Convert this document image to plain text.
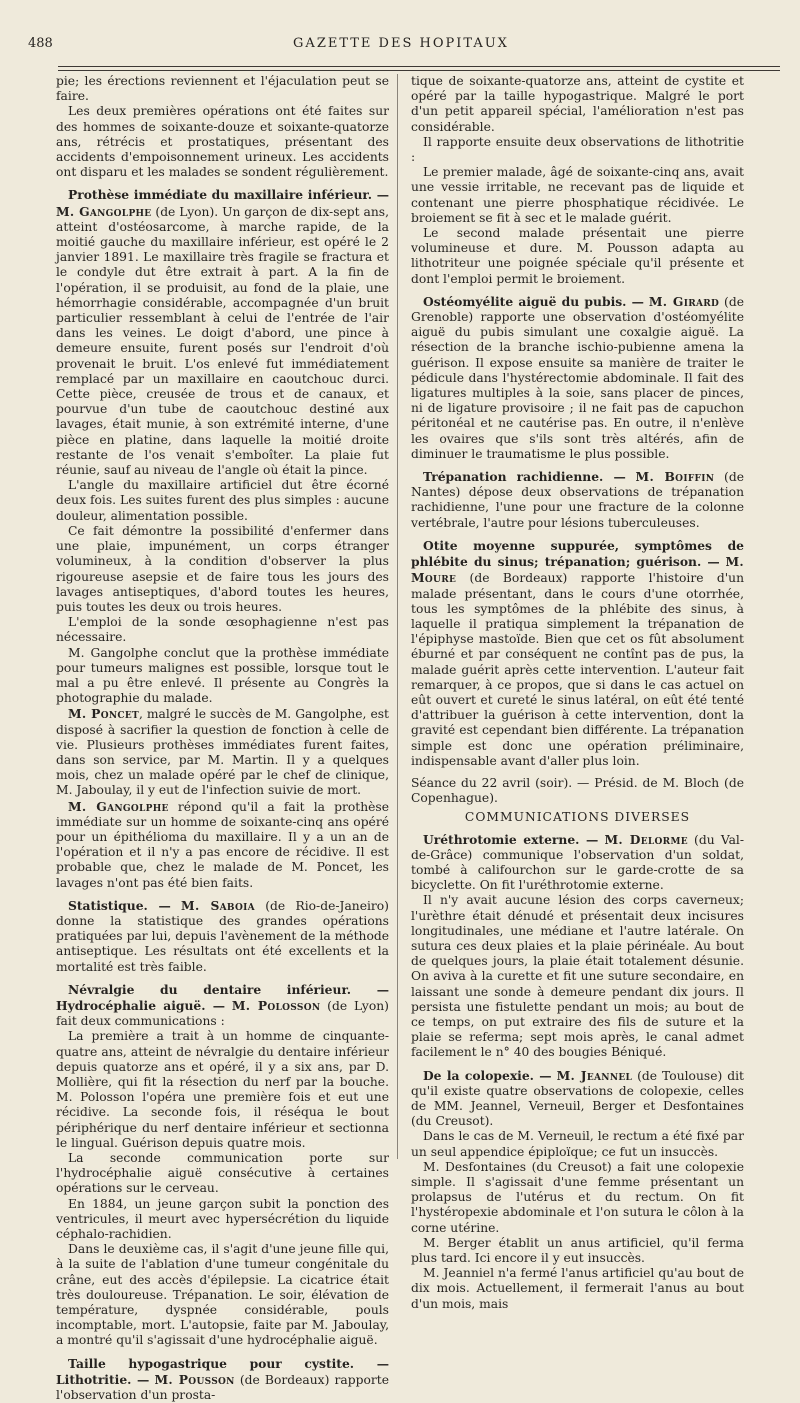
488	GAZETTE DES HOPITAUX

pie; les érections reviennent et l'éjaculation peut se faire.

Les deux premières opérations ont été faites sur des hommes de soixante-douze et soixante-quatorze ans, rétrécis et prostatiques, présentant des accidents d'empoisonnement urineux. Les accidents ont disparu et les malades se sondent régulièrement.

Prothèse immédiate du maxillaire inférieur. — M. Gangolphe (de Lyon). Un garçon de dix-sept ans, atteint d'ostéosarcome, à marche rapide, de la moitié gauche du maxillaire inférieur, est opéré le 2 janvier 1891. Le maxillaire très fragile se fractura et le condyle dut être extrait à part. A la fin de l'opération, il se produisit, au fond de la plaie, une hémorrhagie considérable, accompagnée d'un bruit particulier ressemblant à celui de l'entrée de l'air dans les veines. Le doigt d'abord, une pince à demeure ensuite, furent posés sur l'endroit d'où provenait le bruit. L'os enlevé fut immédiatement remplacé par un maxillaire en caoutchouc durci. Cette pièce, creusée de trous et de canaux, et pourvue d'un tube de caoutchouc destiné aux lavages, était munie, à son extrémité interne, d'une pièce en platine, dans laquelle la moitié droite restante de l'os venait s'emboîter. La plaie fut réunie, sauf au niveau de l'angle où était la pince.

L'angle du maxillaire artificiel dut être écorné deux fois. Les suites furent des plus simples : aucune douleur, alimentation possible.

Ce fait démontre la possibilité d'enfermer dans une plaie, impunément, un corps étranger volumineux, à la condition d'observer la plus rigoureuse asepsie et de faire tous les jours des lavages antiseptiques, d'abord toutes les heures, puis toutes les deux ou trois heures.

L'emploi de la sonde œsophagienne n'est pas nécessaire.

M. Gangolphe conclut que la prothèse immédiate pour tumeurs malignes est possible, lorsque tout le mal a pu être enlevé. Il présente au Congrès la photographie du malade.

M. Poncet, malgré le succès de M. Gangolphe, est disposé à sacrifier la question de fonction à celle de vie. Plusieurs prothèses immédiates furent faites, dans son service, par M. Martin. Il y a quelques mois, chez un malade opéré par le chef de clinique, M. Jaboulay, il y eut de l'infection suivie de mort.

M. Gangolphe répond qu'il a fait la prothèse immédiate sur un homme de soixante-cinq ans opéré pour un épithélioma du maxillaire. Il y a un an de l'opération et il n'y a pas encore de récidive. Il est probable que, chez le malade de M. Poncet, les lavages n'ont pas été bien faits.

Statistique. — M. Saboia (de Rio-de-Janeiro) donne la statistique des grandes opérations pratiquées par lui, depuis l'avènement de la méthode antiseptique. Les résultats ont été excellents et la mortalité est très faible.

Névralgie du dentaire inférieur. — Hydrocéphalie aiguë. — M. Polosson (de Lyon) fait deux communications :

La première a trait à un homme de cinquante-quatre ans, atteint de névralgie du dentaire inférieur depuis quatorze ans et opéré, il y a six ans, par D. Mollière, qui fit la résection du nerf par la bouche. M. Polosson l'opéra une première fois et eut une récidive. La seconde fois, il réséqua le bout périphérique du nerf dentaire inférieur et sectionna le lingual. Guérison depuis quatre mois.

La seconde communication porte sur l'hydrocéphalie aiguë consécutive à certaines opérations sur le cerveau.

En 1884, un jeune garçon subit la ponction des ventricules, il meurt avec hypersécrétion du liquide céphalo-rachidien.

Dans le deuxième cas, il s'agit d'une jeune fille qui, à la suite de l'ablation d'une tumeur congénitale du crâne, eut des accès d'épilepsie. La cicatrice était très douloureuse. Trépanation. Le soir, élévation de température, dyspnée considérable, pouls incomptable, mort. L'autopsie, faite par M. Jaboulay, a montré qu'il s'agissait d'une hydrocéphalie aiguë.

Taille hypogastrique pour cystite. — Lithotritie. — M. Pousson (de Bordeaux) rapporte l'observation d'un prosta-

tique de soixante-quatorze ans, atteint de cystite et opéré par la taille hypogastrique. Malgré le port d'un petit appareil spécial, l'amélioration n'est pas considérable.

Il rapporte ensuite deux observations de lithotritie :

Le premier malade, âgé de soixante-cinq ans, avait une vessie irritable, ne recevant pas de liquide et contenant une pierre phosphatique récidivée. Le broiement se fit à sec et le malade guérit.

Le second malade présentait une pierre volumineuse et dure. M. Pousson adapta au lithotriteur une poignée spéciale qu'il présente et dont l'emploi permit le broiement.

Ostéomyélite aiguë du pubis. — M. Girard (de Grenoble) rapporte une observation d'ostéomyélite aiguë du pubis simulant une coxalgie aiguë. La résection de la branche ischio-pubienne amena la guérison. Il expose ensuite sa manière de traiter le pédicule dans l'hystérectomie abdominale. Il fait des ligatures multiples à la soie, sans placer de pinces, ni de ligature provisoire ; il ne fait pas de capuchon péritonéal et ne cautérise pas. En outre, il n'enlève les ovaires que s'ils sont très altérés, afin de diminuer le traumatisme le plus possible.

Trépanation rachidienne. — M. Boiffin (de Nantes) dépose deux observations de trépanation rachidienne, l'une pour une fracture de la colonne vertébrale, l'autre pour lésions tuberculeuses.

Otite moyenne suppurée, symptômes de phlébite du sinus; trépanation; guérison. — M. Moure (de Bordeaux) rapporte l'histoire d'un malade présentant, dans le cours d'une otorrhée, tous les symptômes de la phlébite des sinus, à laquelle il pratiqua simplement la trépanation de l'épiphyse mastoïde. Bien que cet os fût absolument éburné et par conséquent ne contînt pas de pus, la malade guérit après cette intervention. L'auteur fait remarquer, à ce propos, que si dans le cas actuel on eût ouvert et cureté le sinus latéral, on eût été tenté d'attribuer la guérison à cette intervention, dont la gravité est cependant bien différente. La trépanation simple est donc une opération préliminaire, indispensable avant d'aller plus loin.

Séance du 22 avril (soir). — Présid. de M. Bloch (de Copenhague).

COMMUNICATIONS DIVERSES

Uréthrotomie externe. — M. Delorme (du Val-de-Grâce) communique l'observation d'un soldat, tombé à califourchon sur le garde-crotte de sa bicyclette. On fit l'uréthrotomie externe.

Il n'y avait aucune lésion des corps caverneux; l'urèthre était dénudé et présentait deux incisures longitudinales, une médiane et l'autre latérale. On sutura ces deux plaies et la plaie périnéale. Au bout de quelques jours, la plaie était totalement désunie. On aviva à la curette et fit une suture secondaire, en laissant une sonde à demeure pendant dix jours. Il persista une fistulette pendant un mois; au bout de ce temps, on put extraire des fils de suture et la plaie se referma; sept mois après, le canal admet facilement le n° 40 des bougies Béniqué.

De la colopexie. — M. Jeannel (de Toulouse) dit qu'il existe quatre observations de colopexie, celles de MM. Jeannel, Verneuil, Berger et Desfontaines (du Creusot).

Dans le cas de M. Verneuil, le rectum a été fixé par un seul appendice épiploïque; ce fut un insuccès.

M. Desfontaines (du Creusot) a fait une colopexie simple. Il s'agissait d'une femme présentant un prolapsus de l'utérus et du rectum. On fit l'hystéropexie abdominale et l'on sutura le côlon à la corne utérine.

M. Berger établit un anus artificiel, qu'il ferma plus tard. Ici encore il y eut insuccès.

M. Jeanniel n'a fermé l'anus artificiel qu'au bout de dix mois. Actuellement, il fermerait l'anus au bout d'un mois, mais
